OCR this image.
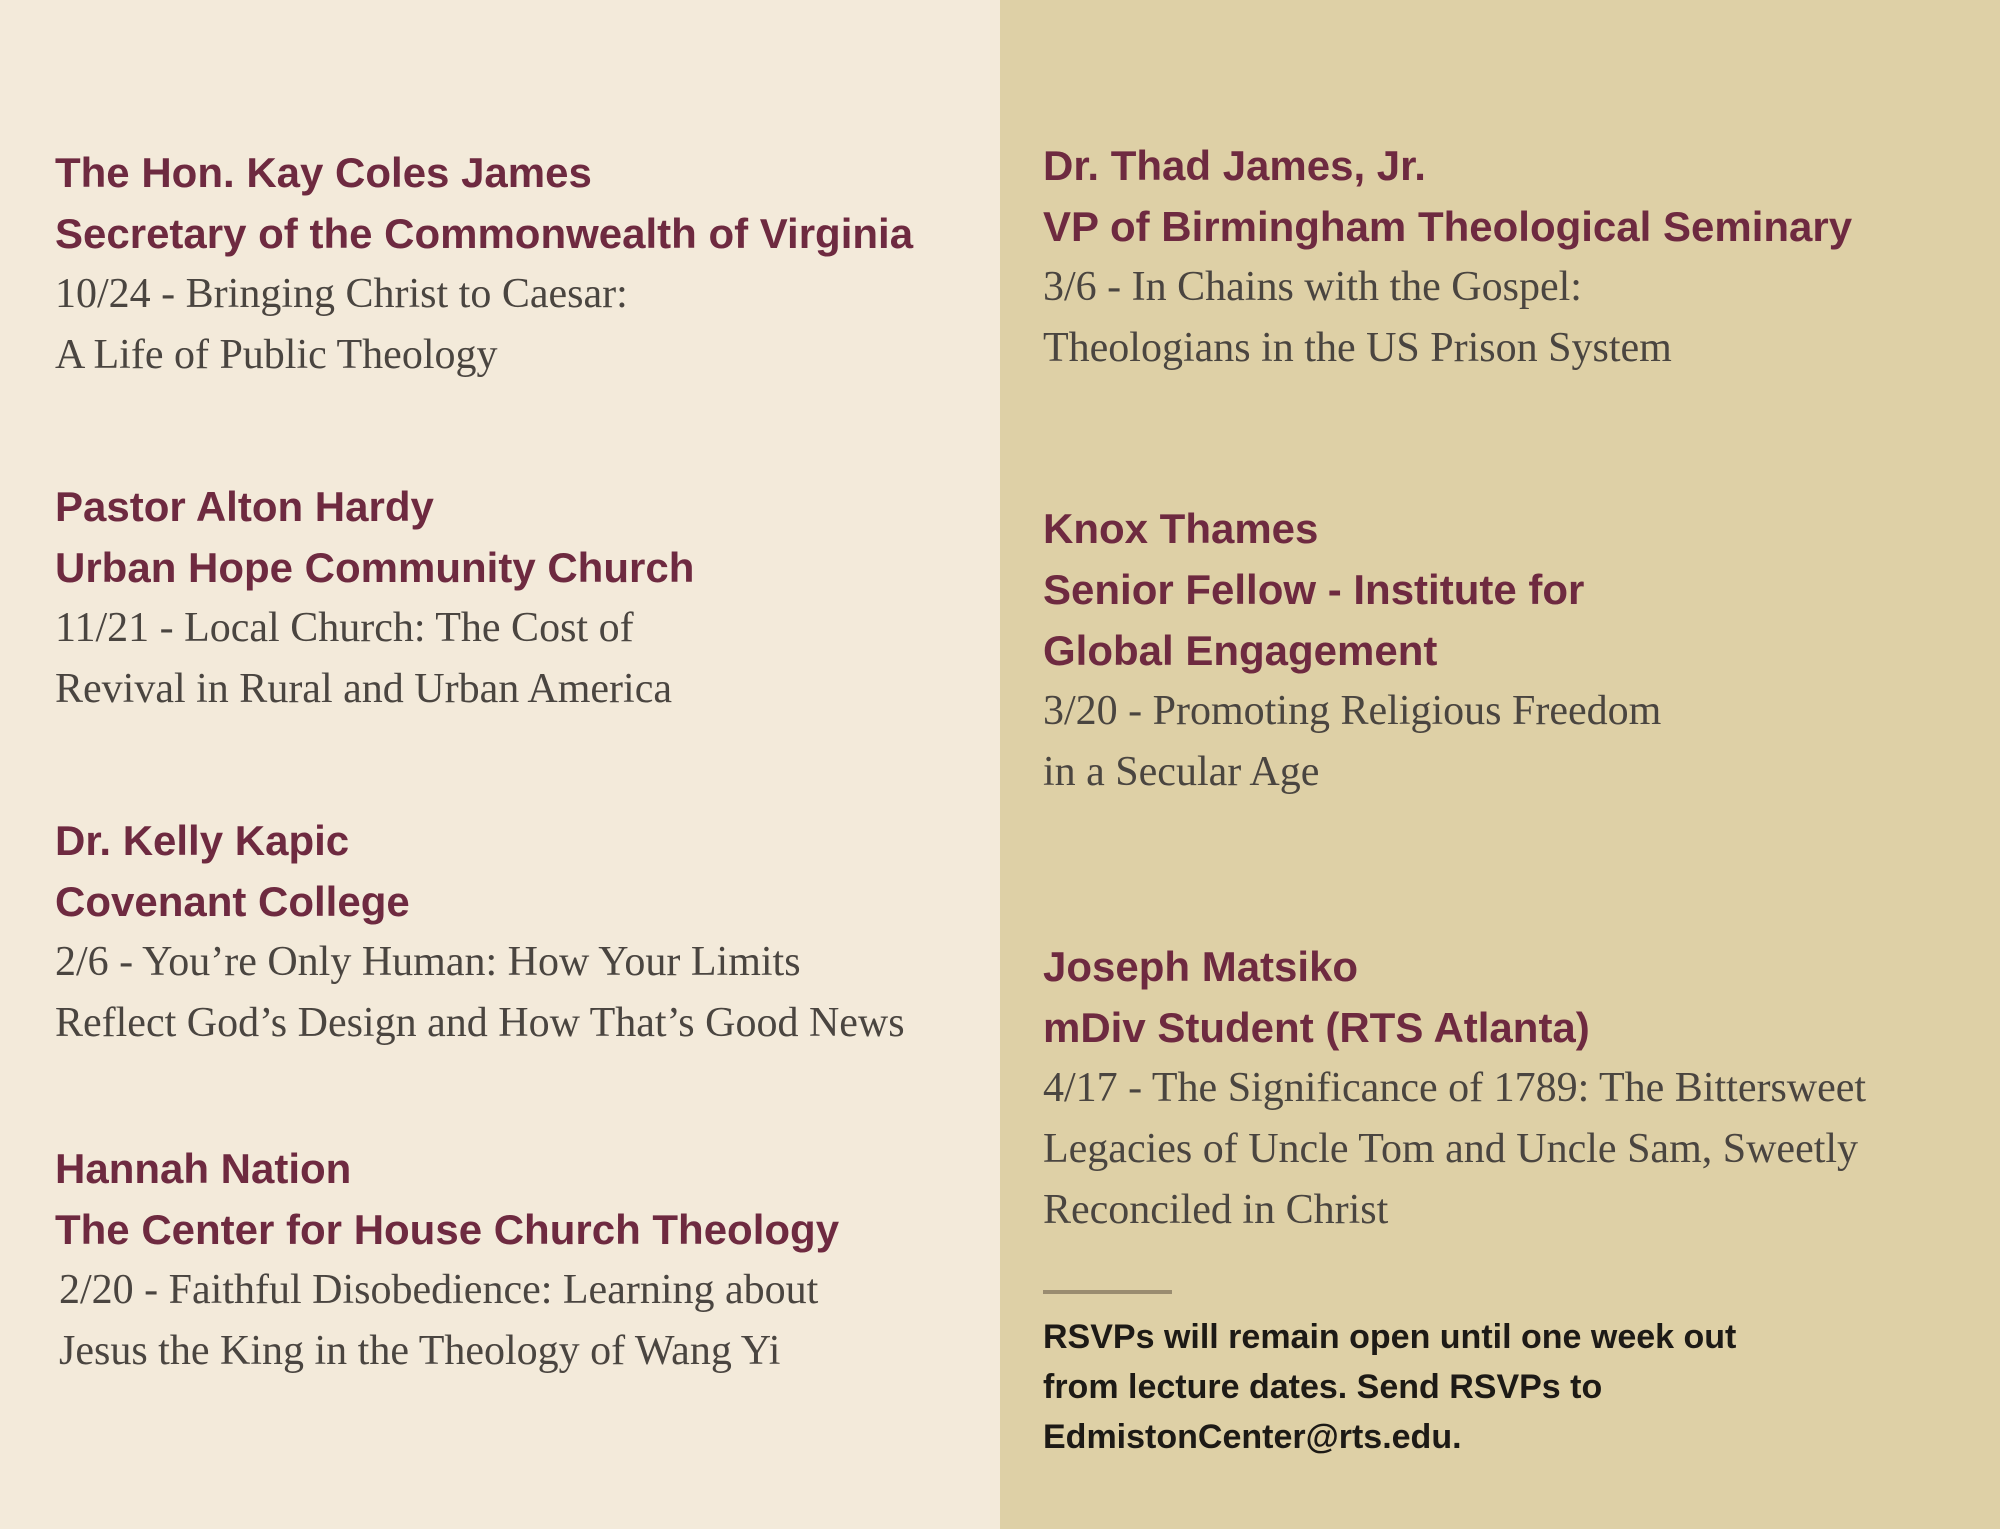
The Hon. Kay Coles James
Secretary of the Commonwealth of Virginia
10/24 - Bringing Christ to Caesar:
A Life of Public Theology
Pastor Alton Hardy
Urban Hope Community Church
11/21 - Local Church: The Cost of
Revival in Rural and Urban America
Dr. Kelly Kapic
Covenant College
2/6 - You’re Only Human: How Your Limits
Reflect God’s Design and How That’s Good News
Hannah Nation
The Center for House Church Theology
2/20 - Faithful Disobedience: Learning about
Jesus the King in the Theology of Wang Yi
Dr. Thad James, Jr.
VP of Birmingham Theological Seminary
3/6 - In Chains with the Gospel:
Theologians in the US Prison System
Knox Thames
Senior Fellow - Institute for
Global Engagement
3/20 - Promoting Religious Freedom
in a Secular Age
Joseph Matsiko
mDiv Student (RTS Atlanta)
4/17 - The Significance of 1789: The Bittersweet
Legacies of Uncle Tom and Uncle Sam, Sweetly
Reconciled in Christ
RSVPs will remain open until one week out
from lecture dates. Send RSVPs to
EdmistonCenter@rts.edu.
